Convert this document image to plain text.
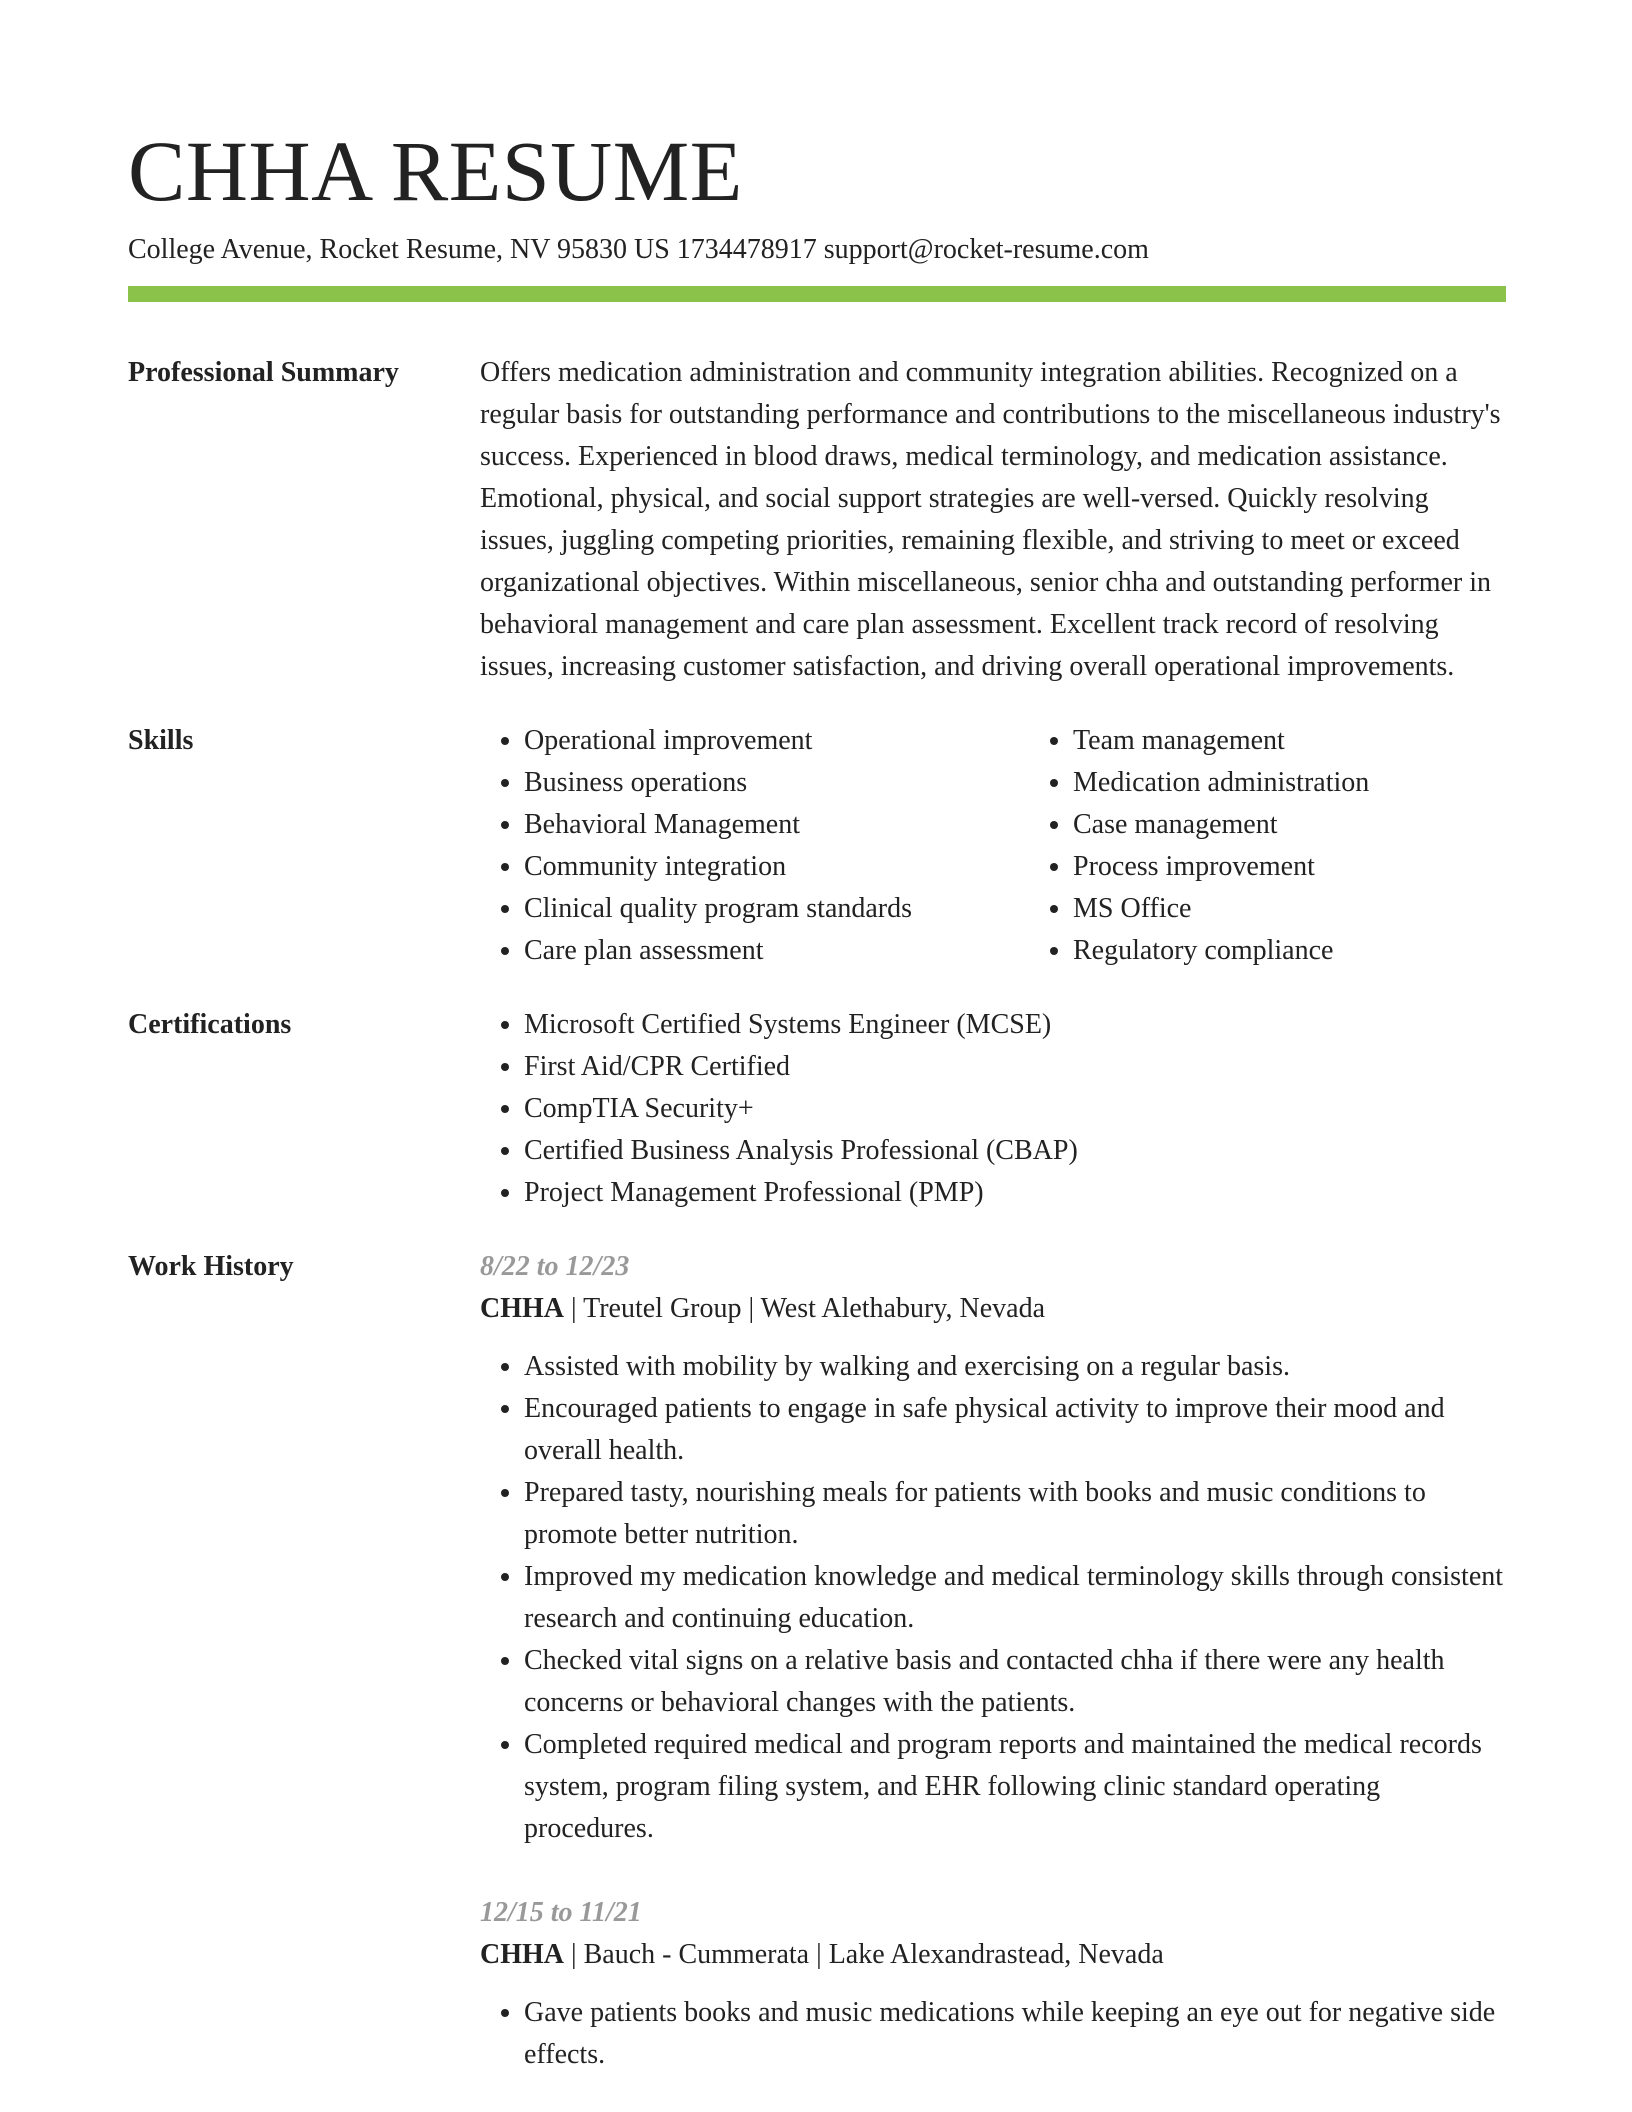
CHHA RESUME
College Avenue, Rocket Resume, NV 95830 US 1734478917 support@rocket-resume.com
Professional Summary	Offers medication administration and community integration abilities. Recognized on a regular basis for outstanding performance and contributions to the miscellaneous industry's success. Experienced in blood draws, medical terminology, and medication assistance. Emotional, physical, and social support strategies are well-versed. Quickly resolving issues, juggling competing priorities, remaining flexible, and striving to meet or exceed organizational objectives. Within miscellaneous, senior chha and outstanding performer in behavioral management and care plan assessment. Excellent track record of resolving issues, increasing customer satisfaction, and driving overall operational improvements.

Skills	• Operational improvement
• Business operations
• Behavioral Management
• Community integration
• Clinical quality program standards
• Care plan assessment
• Team management
• Medication administration
• Case management
• Process improvement
• MS Office
• Regulatory compliance
Certifications	• Microsoft Certified Systems Engineer (MCSE)
• First Aid/CPR Certified
• CompTIA Security+
• Certified Business Analysis Professional (CBAP)
• Project Management Professional (PMP)
Work History	8/22 to 12/23
CHHA | Treutel Group | West Alethabury, Nevada
• Assisted with mobility by walking and exercising on a regular basis.
• Encouraged patients to engage in safe physical activity to improve their mood and overall health.
• Prepared tasty, nourishing meals for patients with books and music conditions to promote better nutrition.
• Improved my medication knowledge and medical terminology skills through consistent research and continuing education.
• Checked vital signs on a relative basis and contacted chha if there were any health concerns or behavioral changes with the patients.
• Completed required medical and program reports and maintained the medical records system, program filing system, and EHR following clinic standard operating procedures.
12/15 to 11/21
CHHA | Bauch - Cummerata | Lake Alexandrastead, Nevada
• Gave patients books and music medications while keeping an eye out for negative side effects.
